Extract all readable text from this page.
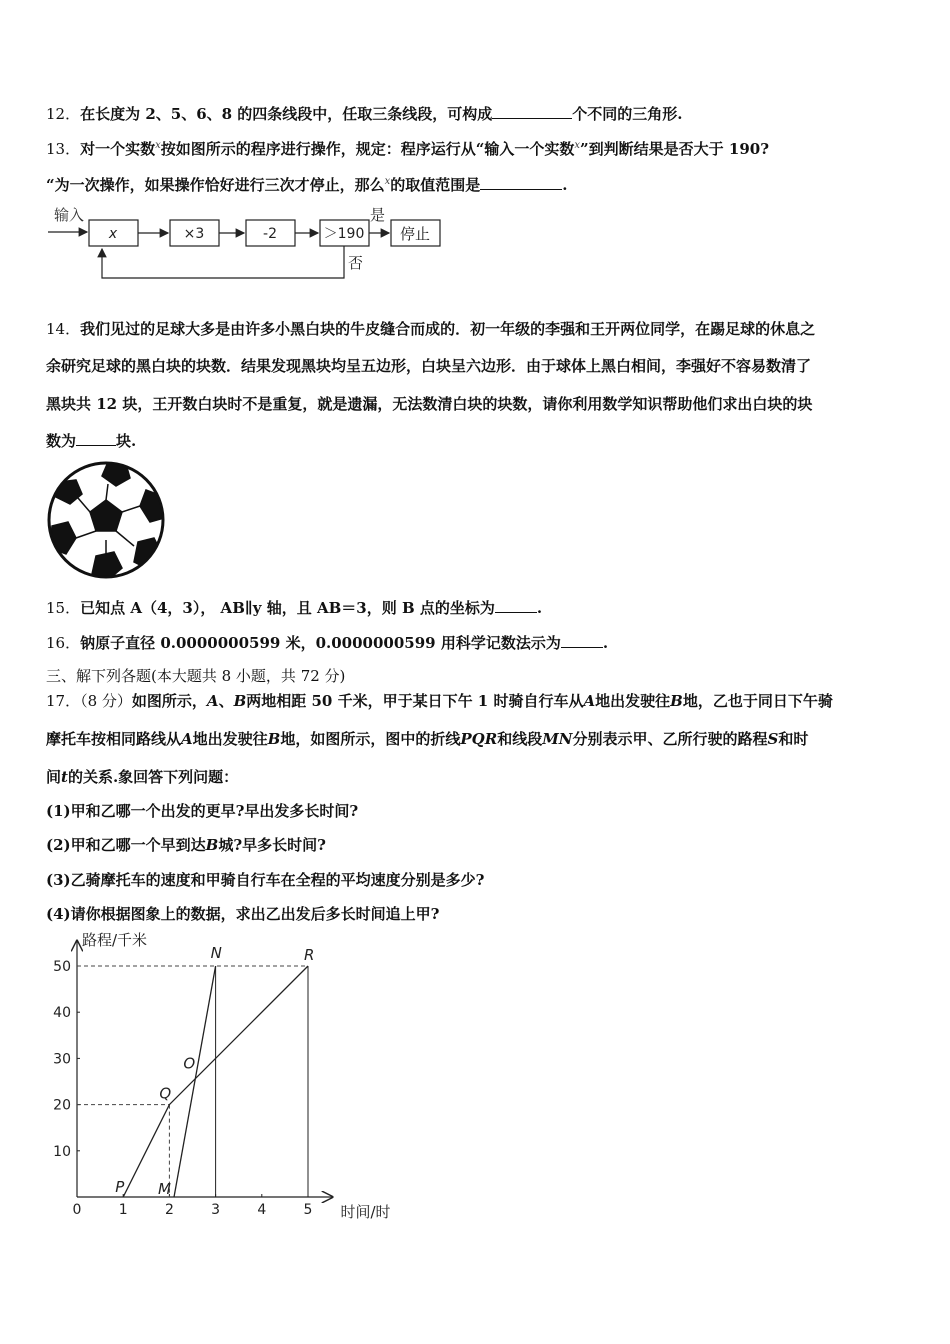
12．在长度为 2、5、6、8 的四条线段中，任取三条线段，可构成	个不同的三角形.
13．对一个实数$^x$按如图所示的程序进行操作，规定：程序运行从“输入一个实数$^x$”到判断结果是否大于 190?
“为一次操作，如果操作恰好进行三次才停止，那么$^x$的取值范围是	.
输入
x	×3	-2	＞190
是
停止
否
14．我们见过的足球大多是由许多小黑白块的牛皮缝合而成的．初一年级的李强和王开两位同学，在踢足球的休息之
余研究足球的黑白块的块数．结果发现黑块均呈五边形，白块呈六边形．由于球体上黑白相间，李强好不容易数清了
黑块共 12 块，王开数白块时不是重复，就是遗漏，无法数清白块的块数，请你利用数学知识帮助他们求出白块的块
数为	块.
15．已知点 A（4，3）， AB∥y 轴，且 AB＝3，则 B 点的坐标为	.
16．钠原子直径 0.0000000599 米，0.0000000599 用科学记数法示为	.
三、解下列各题(本大题共 8 小题，共 72 分)
17．（8 分）如图所示，A、B两地相距 50 千米，甲于某日下午 1 时骑自行车从A地出发驶往B地，乙也于同日下午骑
摩托车按相同路线从A地出发驶往B地，如图所示，图中的折线PQR和线段MN分别表示甲、乙所行驶的路程S和时
间t的关系.象回答下列问题：
(1)甲和乙哪一个出发的更早?早出发多长时间?
(2)甲和乙哪一个早到达B城?早多长时间?
(3)乙骑摩托车的速度和甲骑自行车在全程的平均速度分别是多少?
(4)请你根据图象上的数据，求出乙出发后多长时间追上甲?
路程/千米
时间/时
0	1	2	3	4	5
10
20
30
40
50
P M
Q
O
N	R
